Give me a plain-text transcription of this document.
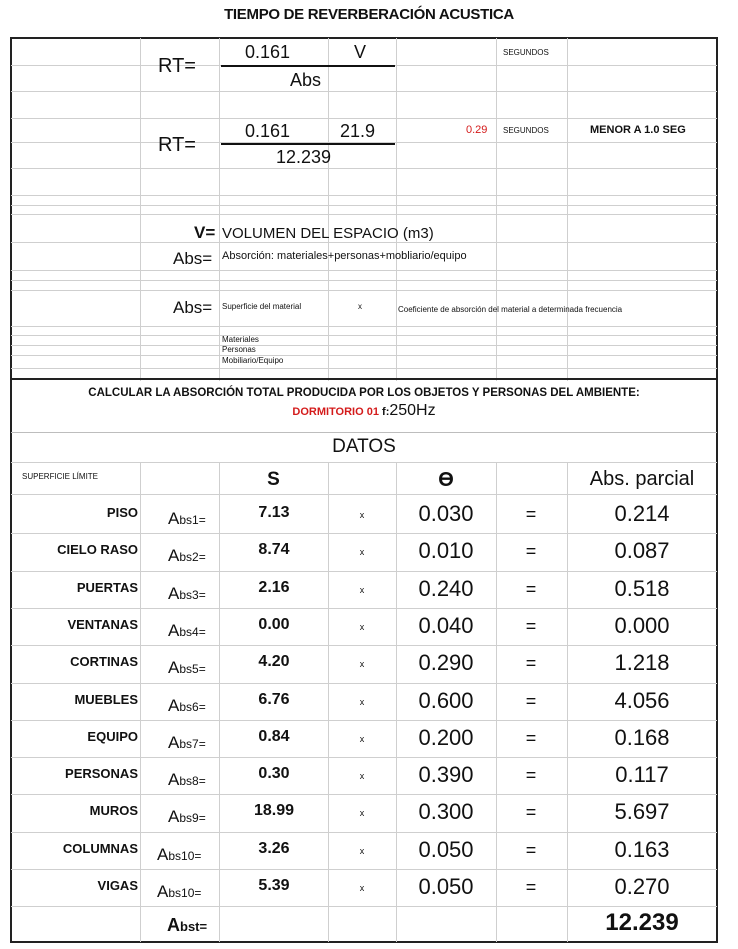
TIEMPO DE REVERBERACIÓN ACUSTICA
RT=
0.161	V
Abs
SEGUNDOS
RT=
0.161	21.9
12.239
0.29 SEGUNDOS	MENOR A 1.0 SEG
V= VOLUMEN DEL ESPACIO (m3)
Abs= Absorción: materiales+personas+mobliario/equipo
Abs= Superficie del material	x	Coeficiente de absorción del material a determinada frecuencia
Materiales
Personas
Mobiliario/Equipo
CALCULAR LA ABSORCIÓN TOTAL PRODUCIDA POR LOS OBJETOS Y PERSONAS DEL AMBIENTE:
DORMITORIO 01 f:250Hz
DATOS
SUPERFICIE LÍMITE	S	ϴ	Abs. parcial
PISO Abs1=	7.13	x	0.030	=	0.214
CIELO RASO Abs2=	8.74	x	0.010	=	0.087
PUERTAS Abs3=	2.16	x	0.240	=	0.518
VENTANAS Abs4=	0.00	x	0.040	=	0.000
CORTINAS Abs5=	4.20	x	0.290	=	1.218
MUEBLES Abs6=	6.76	x	0.600	=	4.056
EQUIPO Abs7=	0.84	x	0.200	=	0.168
PERSONAS Abs8=	0.30	x	0.390	=	0.117
MUROS Abs9=	18.99	x	0.300	=	5.697
COLUMNAS Abs10=	3.26	x	0.050	=	0.163
VIGAS Abs10=	5.39	x	0.050	=	0.270
Abst=	12.239
